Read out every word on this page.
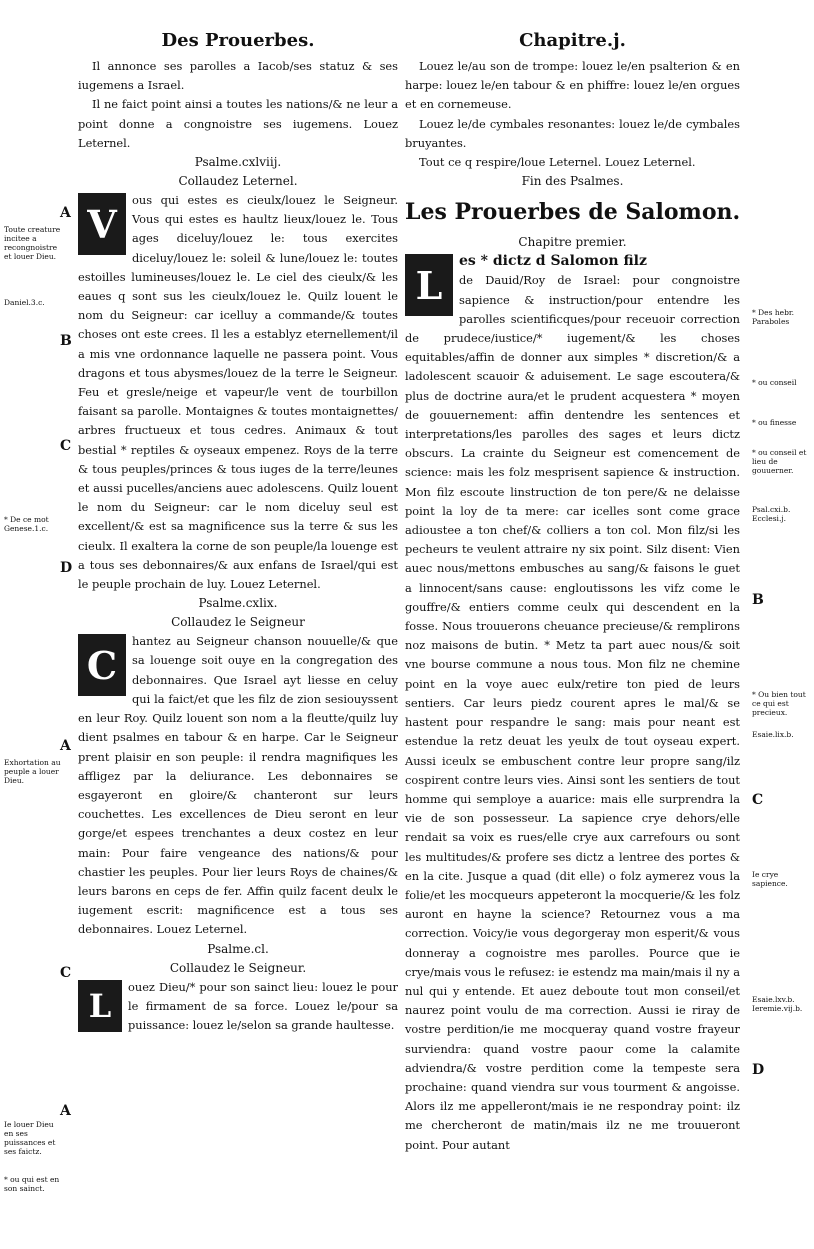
Des Prouerbes.

Il annonce ses parolles a Iacob/ses statuz & ses iugemens a Israel.

Il ne faict point ainsi a toutes les nations/& ne leur a point donne a congnoistre ses iugemens. Louez Leternel.

Psalme.cxlviij.

Collaudez Leternel.

V

ous qui estes es cieulx/louez le Seigneur. Vous qui estes es haultz lieux/louez le. Tous ages diceluy/louez le: tous exercites diceluy/louez le: soleil & lune/louez le: toutes estoilles lumineuses/louez le. Le ciel des cieulx/& les eaues q sont sus les cieulx/louez le. Quilz louent le nom du Seigneur: car icelluy a commande/& toutes choses ont este crees. Il les a establyz eternellement/il a mis vne ordonnance laquelle ne passera point. Vous dragons et tous abysmes/louez de la terre le Seigneur. Feu et gresle/neige et vapeur/le vent de tourbillon faisant sa parolle. Montaignes & toutes montaignettes/ arbres fructueux et tous cedres. Animaux & tout bestial * reptiles & oyseaux empenez. Roys de la terre & tous peuples/princes & tous iuges de la terre/leunes et aussi pucelles/anciens auec adolescens. Quilz louent le nom du Seigneur: car le nom diceluy seul est excellent/& est sa magnificence sus la terre & sus les cieulx. Il exaltera la corne de son peuple/la louenge est a tous ses debonnaires/& aux enfans de Israel/qui est le peuple prochain de luy. Louez Leternel.

Psalme.cxlix.

Collaudez le Seigneur

C

hantez au Seigneur chanson nouuelle/& que sa louenge soit ouye en la congregation des debonnaires. Que Israel ayt liesse en celuy qui la faict/et que les filz de zion sesiouyssent en leur Roy. Quilz louent son nom a la fleutte/quilz luy dient psalmes en tabour & en harpe. Car le Seigneur prent plaisir en son peuple: il rendra magnifiques les affligez par la deliurance. Les debonnaires se esgayeront en gloire/& chanteront sur leurs couchettes. Les excellences de Dieu seront en leur gorge/et espees trenchantes a deux costez en leur main: Pour faire vengeance des nations/& pour chastier les peuples. Pour lier leurs Roys de chaines/& leurs barons en ceps de fer. Affin quilz facent deulx le iugement escrit: magnificence est a tous ses debonnaires. Louez Leternel.

Psalme.cl.

Collaudez le Seigneur.

L	ouez Dieu/* pour son sainct lieu: louez le pour le firmament de sa force. Louez le/pour sa puissance: louez le/selon sa grande haultesse.

Chapitre.j.

Louez le/au son de trompe: louez le/en psalterion & en harpe: louez le/en tabour & en phiffre: louez le/en orgues et en cornemeuse.

Louez le/de cymbales resonantes: louez le/de cymbales bruyantes.

Tout ce q respire/loue Leternel. Louez Leternel.

Fin des Psalmes.

Les Prouerbes de Salomon.

Chapitre premier.

L

es * dictz d Salomon filz

de Dauid/Roy de Israel: pour congnoistre sapience & instruction/pour entendre les parolles scientificques/pour receuoir correction de prudece/iustice/* iugement/& les choses equitables/affin de donner aux simples * discretion/& a ladolescent scauoir & aduisement. Le sage escoutera/& plus de doctrine aura/et le prudent acquestera * moyen de gouuernement: affin dentendre les sentences et interpretations/les parolles des sages et leurs dictz obscurs. La crainte du Seigneur est comencement de science: mais les folz mesprisent sapience & instruction. Mon filz escoute linstruction de ton pere/& ne delaisse point la loy de ta mere: car icelles sont come grace adioustee a ton chef/& colliers a ton col. Mon filz/si les pecheurs te veulent attraire ny six point. Silz disent: Vien auec nous/mettons embusches au sang/& faisons le guet a linnocent/sans cause: engloutissons les vifz come le gouffre/& entiers comme ceulx qui descendent en la fosse. Nous trouuerons cheuance precieuse/& remplirons noz maisons de butin. * Metz ta part auec nous/& soit vne bourse commune a nous tous. Mon filz ne chemine point en la voye auec eulx/retire ton pied de leurs sentiers. Car leurs piedz courent apres le mal/& se hastent pour respandre le sang: mais pour neant est estendue la retz deuat les yeulx de tout oyseau expert. Aussi iceulx se embuschent contre leur propre sang/ilz cospirent contre leurs vies. Ainsi sont les sentiers de tout homme qui semploye a auarice: mais elle surprendra la vie de son possesseur. La sapience crye dehors/elle rendait sa voix es rues/elle crye aux carrefours ou sont les multitudes/& profere ses dictz a lentree des portes & en la cite. Jusque a quad (dit elle) o folz aymerez vous la folie/et les mocqueurs appeteront la mocquerie/& les folz auront en hayne la science? Retournez vous a ma correction. Voicy/ie vous degorgeray mon esperit/& vous donneray a cognoistre mes parolles. Pource que ie crye/mais vous le refusez: ie estendz ma main/mais il ny a nul qui y entende. Et auez deboute tout mon conseil/et naurez point voulu de ma correction. Aussi ie riray de vostre perdition/ie me mocqueray quand vostre frayeur surviendra: quand vostre paour come la calamite adviendra/& vostre perdition come la tempeste sera prochaine: quand viendra sur vous tourment & angoisse. Alors ilz me appelleront/mais ie ne respondray point: ilz me chercheront de matin/mais ilz ne me trouueront point. Pour autant

A
B
C
D
A
C
A
Toute creature incitee a recongnoistre et louer Dieu.
Daniel.3.c.
* De ce mot Genese.1.c.
Exhortation au peuple a louer Dieu.
Ie louer Dieu en ses puissances et ses faictz.
* ou qui est en son sainct.
B
C
D
* Des hebr. Paraboles
* ou conseil
* ou finesse
* ou conseil et lieu de gouuerner.
Psal.cxi.b. Ecclesi.j.
* Ou bien tout ce qui est precieux.
Esaie.lix.b.
Ie crye sapience.
Esaie.lxv.b. Ieremie.vij.b.
